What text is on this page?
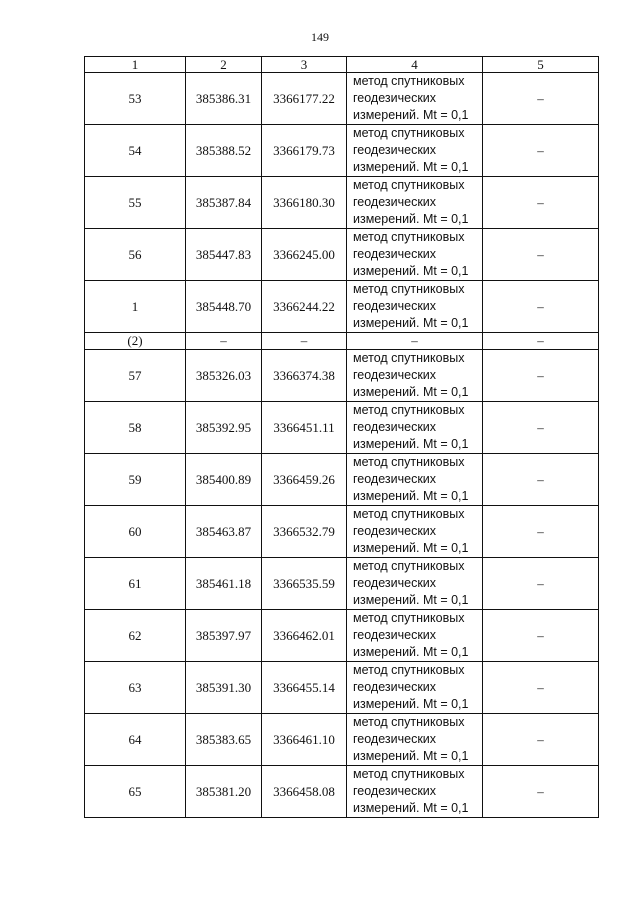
149
1	2	3	4	5
53	385386.31	3366177.22	метод спутниковых
геодезических
измерений. Mt = 0,1	–
54	385388.52	3366179.73	метод спутниковых
геодезических
измерений. Mt = 0,1	–
55	385387.84	3366180.30	метод спутниковых
геодезических
измерений. Mt = 0,1	–
56	385447.83	3366245.00	метод спутниковых
геодезических
измерений. Mt = 0,1	–
1	385448.70	3366244.22	метод спутниковых
геодезических
измерений. Mt = 0,1	–
(2)	–	–	–	–
57	385326.03	3366374.38	метод спутниковых
геодезических
измерений. Mt = 0,1	–
58	385392.95	3366451.11	метод спутниковых
геодезических
измерений. Mt = 0,1	–
59	385400.89	3366459.26	метод спутниковых
геодезических
измерений. Mt = 0,1	–
60	385463.87	3366532.79	метод спутниковых
геодезических
измерений. Mt = 0,1	–
61	385461.18	3366535.59	метод спутниковых
геодезических
измерений. Mt = 0,1	–
62	385397.97	3366462.01	метод спутниковых
геодезических
измерений. Mt = 0,1	–
63	385391.30	3366455.14	метод спутниковых
геодезических
измерений. Mt = 0,1	–
64	385383.65	3366461.10	метод спутниковых
геодезических
измерений. Mt = 0,1	–
65	385381.20	3366458.08	метод спутниковых
геодезических
измерений. Mt = 0,1	–
